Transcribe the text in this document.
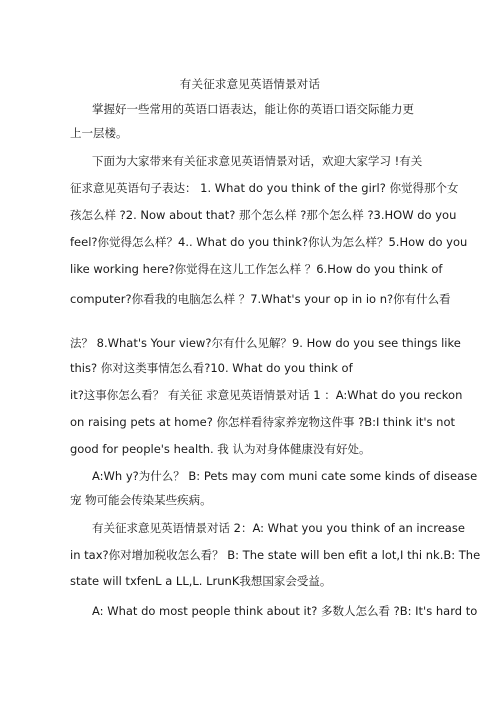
有关征求意见英语情景对话
掌握好一些常用的英语口语表达，能让你的英语口语交际能力更
上一层楼。
下面为大家带来有关征求意见英语情景对话，欢迎大家学习 !有关
征求意见英语句子表达： 1. What do you think of the girl? 你觉得那个女
孩怎么样 ?2. Now about that? 那个怎么样 ?那个怎么样 ?3.HOW do you
feel?你觉得怎么样？4.. What do you think?你认为怎么样？5.How do you
like working here?你觉得在这儿工作怎么样 ？6.How do you think of
computer?你看我的电脑怎么样 ？7.What's your op in io n?你有什么看
法？ 8.What's Your view?尔有什么见解？9. How do you see things like
this? 你对这类事情怎么看?10. What do you think of
it?这事你怎么看？ 有关征 求意见英语情景对话 1 ：A:What do you reckon
on raising pets at home? 你怎样看待家养宠物这件事 ?B:I think it's not
good for people's health. 我 认为对身体健康没有好处。
A:Wh y?为什么？ B: Pets may com muni cate some kinds of disease
宠 物可能会传染某些疾病。
有关征求意见英语情景对话 2：A: What you you think of an increase
in tax?你对增加税收怎么看？ B: The state will ben efit a lot,I thi nk.B: The
state will txfenL a LL,L. LrunK我想国家会受益。
A: What do most people think about it? 多数人怎么看 ?B: It's hard to
